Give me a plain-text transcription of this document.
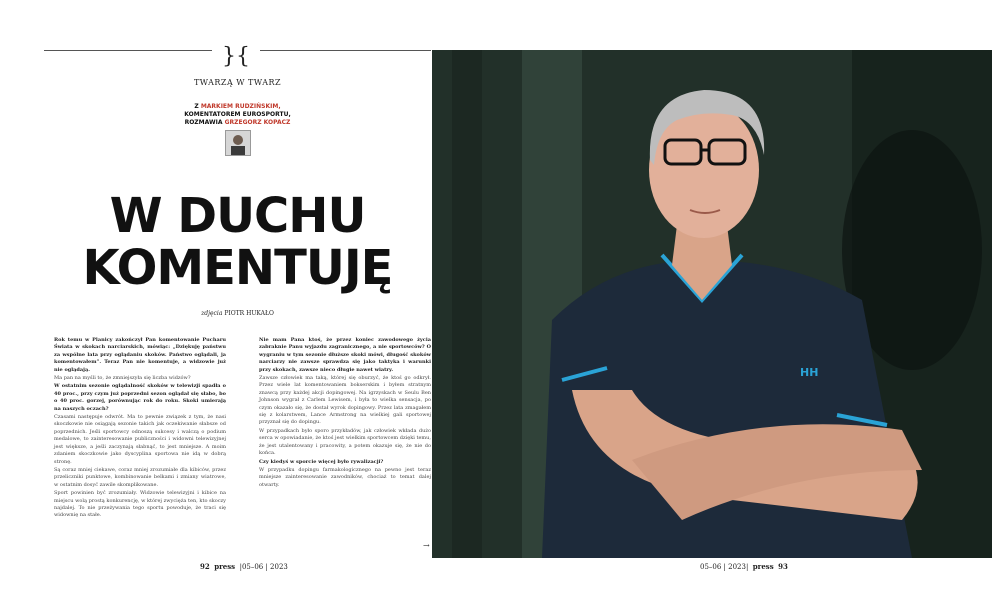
}{
TWARZĄ W TWARZ
Z MARKIEM RUDZIŃSKIM,
KOMENTATOREM EUROSPORTU,
ROZMAWIA GRZEGORZ KOPACZ
W DUCHU
KOMENTUJĘ
zdjęcia PIOTR HUKAŁO

Rok temu w Planicy zakończył Pan komentowanie Pucharu Świata w skokach narciarskich, mówiąc: „Dziękuję państwu za wspólne lata przy oglądaniu skoków. Państwo oglądali, ja komentowałem”. Teraz Pan nie komentuje, a widzowie już nie oglądają.

Ma pan na myśli to, że zmniejszyła się liczba widzów?

W ostatnim sezonie oglądalność skoków w telewizji spadła o 40 proc., przy czym już poprzedni sezon oglądał się słabo, bo o 40 proc. gorzej, porównując rok do roku. Skoki umierają na naszych oczach?

Czasami następuje odwrót. Ma to pewnie związek z tym, że nasi skoczkowie nie osiągają sezonie takich jak oczekiwanie słabsze od poprzednich. Jeśli sportowcy odnoszą sukcesy i walczą o podium medalowe, to zainteresowanie publiczności i widowni telewizyjnej jest większe, a jeśli zaczynają słabnąć, to jest mniejsze. A moim zdaniem skoczkowie jako dyscyplina sportowa nie idą w dobrą stronę.

Są coraz mniej ciekawe, coraz mniej zrozumiałe dla kibiców, przez przeliczniki punktowe, kombinowanie belkami i zmiany wiatrowe, w ostatnim dosyć zawile skomplikowane.

Sport powinien być zrozumiały. Widzowie telewizyjni i kibice na miejscu wolą prostą konkurencję, w której zwycięża ten, kto skoczy najdalej. To nie przeżywania tego sportu powoduje, że traci się widownię na stałe.

Nie mam Pana ktoś, że przez koniec zawodowego życia zabraknie Panu wyjazdu zagranicznego, a nie sportowców? O wygraniu w tym sezonie dłuższe skoki mówi, długość skoków narciarzy nie zawsze sprawdza się jako taktyka i warunki przy skokach, zawsze nieco długie nawet wiatry.

Zawsze człowiek ma taką, której się oburzyć, że ktoś go odkrył. Przez wiele lat komentowaniem bokserskim i byłem stratnym znawcą przy każdej akcji dopingowej. Na igrzyskach w Seulu Ben Johnson wygrał z Carlem Lewisem, i była to wielka sensacja, po czym okazało się, że dostał wyrok dopingowy. Przez lata zmagałem się z kolarstwem, Lance Armstrong na wielkiej gali sportowej przyznał się do dopingu.

W przypadkach było sporo przykładów, jak człowiek wkłada dużo serca w opowiadanie, że ktoś jest wielkim sportowcem dzięki temu, że jest utalentowany i pracowity, a potem okazuje się, że nie do końca.

Czy kiedyś w sporcie więcej było rywalizacji?

W przypadku dopingu farmakologicznego na pewno jest teraz mniejsze zainteresowanie zawodników, chociaż to temat dalej otwarty.

→
HH
92 press  |05–06 | 2023	05–06 | 2023|  press 93
